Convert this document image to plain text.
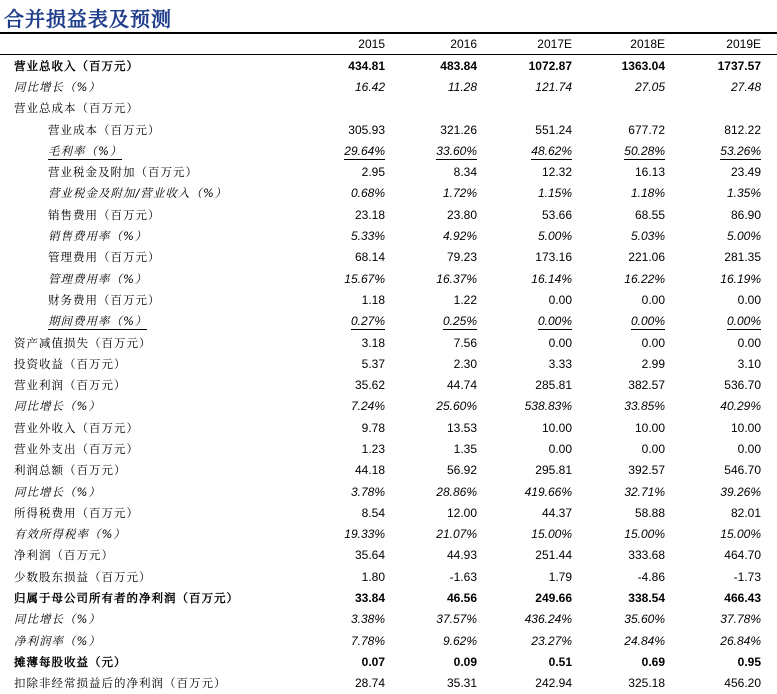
合并损益表及预测
	2015	2016	2017E	2018E	2019E
营业总收入（百万元）	434.81	483.84	1072.87	1363.04	1737.57
同比增长（%）	16.42	11.28	121.74	27.05	27.48
营业总成本（百万元）					
营业成本（百万元）	305.93	321.26	551.24	677.72	812.22
毛利率（%）	29.64%	33.60%	48.62%	50.28%	53.26%
营业税金及附加（百万元）	2.95	8.34	12.32	16.13	23.49
营业税金及附加/营业收入（%）	0.68%	1.72%	1.15%	1.18%	1.35%
销售费用（百万元）	23.18	23.80	53.66	68.55	86.90
销售费用率（%）	5.33%	4.92%	5.00%	5.03%	5.00%
管理费用（百万元）	68.14	79.23	173.16	221.06	281.35
管理费用率（%）	15.67%	16.37%	16.14%	16.22%	16.19%
财务费用（百万元）	1.18	1.22	0.00	0.00	0.00
期间费用率（%）	0.27%	0.25%	0.00%	0.00%	0.00%
资产减值损失（百万元）	3.18	7.56	0.00	0.00	0.00
投资收益（百万元）	5.37	2.30	3.33	2.99	3.10
营业利润（百万元）	35.62	44.74	285.81	382.57	536.70
同比增长（%）	7.24%	25.60%	538.83%	33.85%	40.29%
营业外收入（百万元）	9.78	13.53	10.00	10.00	10.00
营业外支出（百万元）	1.23	1.35	0.00	0.00	0.00
利润总额（百万元）	44.18	56.92	295.81	392.57	546.70
同比增长（%）	3.78%	28.86%	419.66%	32.71%	39.26%
所得税费用（百万元）	8.54	12.00	44.37	58.88	82.01
有效所得税率（%）	19.33%	21.07%	15.00%	15.00%	15.00%
净利润（百万元）	35.64	44.93	251.44	333.68	464.70
少数股东损益（百万元）	1.80	-1.63	1.79	-4.86	-1.73
归属于母公司所有者的净利润（百万元）	33.84	46.56	249.66	338.54	466.43
同比增长（%）	3.38%	37.57%	436.24%	35.60%	37.78%
净利润率（%）	7.78%	9.62%	23.27%	24.84%	26.84%
摊薄每股收益（元）	0.07	0.09	0.51	0.69	0.95
扣除非经常损益后的净利润（百万元）	28.74	35.31	242.94	325.18	456.20
